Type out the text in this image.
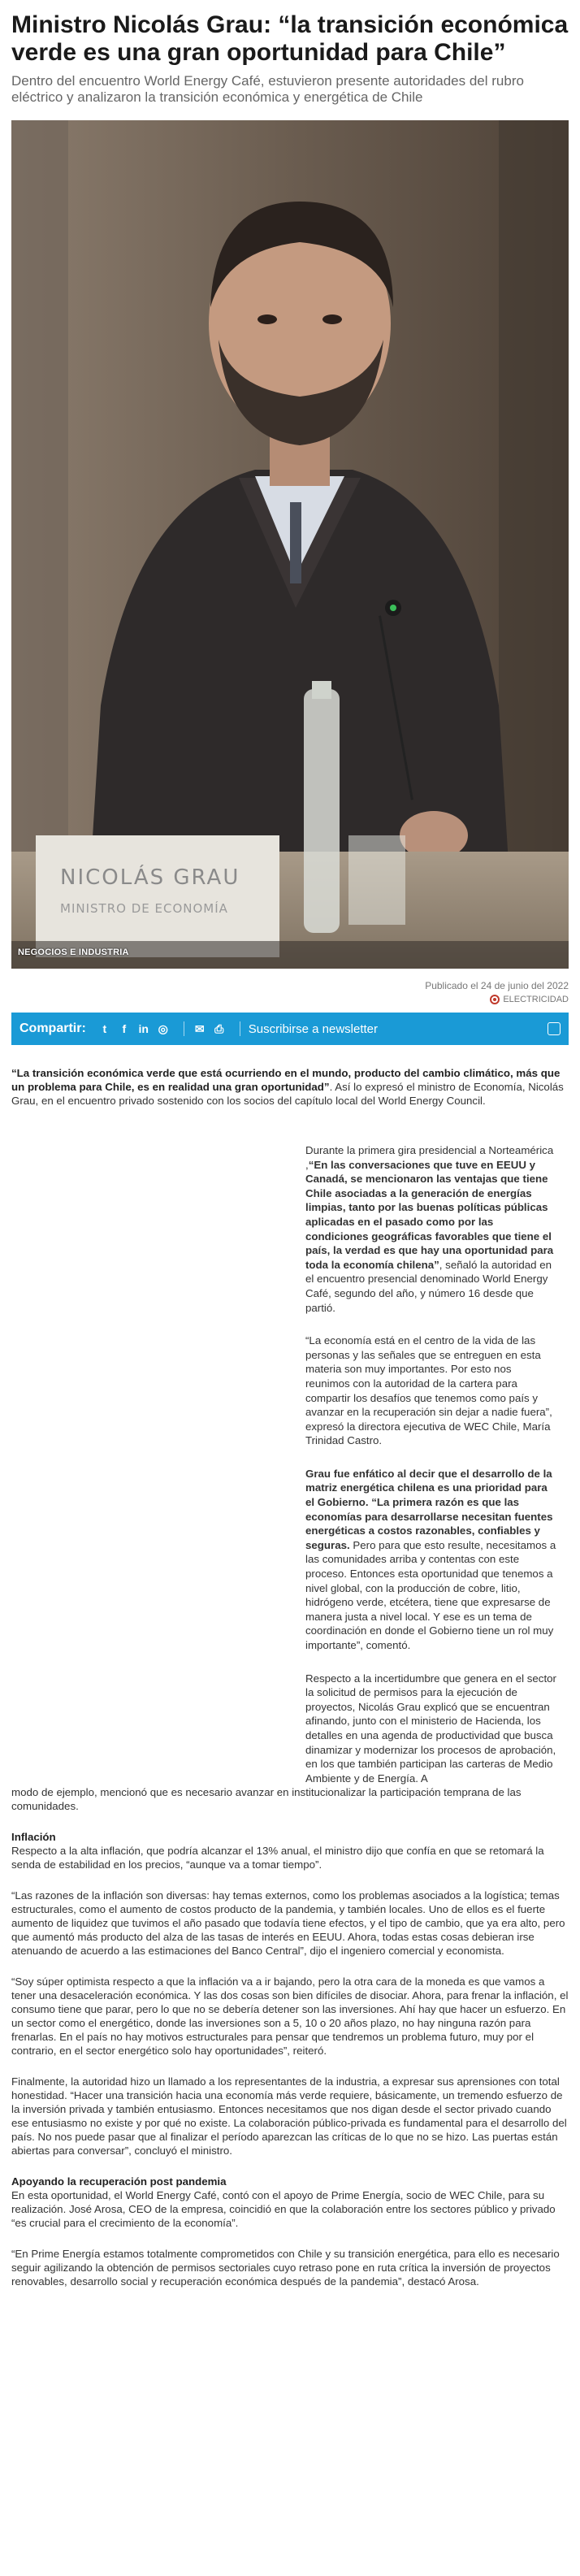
Ministro Nicolás Grau: “la transición económica verde es una gran oportunidad para Chile”

Dentro del encuentro World Energy Café, estuvieron presente autoridades del rubro eléctrico y analizaron la transición económica y energética de Chile

NICOLÁS GRAU
MINISTRO DE ECONOMÍA
NEGOCIOS E INDUSTRIA
Publicado el 24 de junio del 2022
ELECTRICIDAD
Compartir:	t	f	in ◎ ✉ ⎙ Suscribirse a newsletter

“La transición económica verde que está ocurriendo en el mundo, producto del cambio climático, más que un problema para Chile, es en realidad una gran oportunidad”. Así lo expresó el ministro de Economía, Nicolás Grau, en el encuentro privado sostenido con los socios del capítulo local del World Energy Council.

Durante la primera gira presidencial a Norteamérica ,“En las conversaciones que tuve en EEUU y Canadá, se mencionaron las ventajas que tiene Chile asociadas a la generación de energías limpias, tanto por las buenas políticas públicas aplicadas en el pasado como por las condiciones geográficas favorables que tiene el país, la verdad es que hay una oportunidad para toda la economía chilena”, señaló la autoridad en el encuentro presencial denominado World Energy Café, segundo del año, y número 16 desde que partió.

“La economía está en el centro de la vida de las personas y las señales que se entreguen en esta materia son muy importantes. Por esto nos reunimos con la autoridad de la cartera para compartir los desafíos que tenemos como país y avanzar en la recuperación sin dejar a nadie fuera”, expresó la directora ejecutiva de WEC Chile, María Trinidad Castro.

Grau fue enfático al decir que el desarrollo de la matriz energética chilena es una prioridad para el Gobierno. “La primera razón es que las economías para desarrollarse necesitan fuentes energéticas a costos razonables, confiables y seguras. Pero para que esto resulte, necesitamos a las comunidades arriba y contentas con este proceso. Entonces esta oportunidad que tenemos a nivel global, con la producción de cobre, litio, hidrógeno verde, etcétera, tiene que expresarse de manera justa a nivel local. Y ese es un tema de coordinación en donde el Gobierno tiene un rol muy importante”, comentó.

Respecto a la incertidumbre que genera en el sector la solicitud de permisos para la ejecución de proyectos, Nicolás Grau explicó que se encuentran afinando, junto con el ministerio de Hacienda, los detalles en una agenda de productividad que busca dinamizar y modernizar los procesos de aprobación, en los que también participan las carteras de Medio Ambiente y de Energía. A

modo de ejemplo, mencionó que es necesario avanzar en institucionalizar la participación temprana de las comunidades.

Inflación

Respecto a la alta inflación, que podría alcanzar el 13% anual, el ministro dijo que confía en que se retomará la senda de estabilidad en los precios, “aunque va a tomar tiempo”.

“Las razones de la inflación son diversas: hay temas externos, como los problemas asociados a la logística; temas estructurales, como el aumento de costos producto de la pandemia, y también locales. Uno de ellos es el fuerte aumento de liquidez que tuvimos el año pasado que todavía tiene efectos, y el tipo de cambio, que ya era alto, pero que aumentó más producto del alza de las tasas de interés en EEUU. Ahora, todas estas cosas debieran irse atenuando de acuerdo a las estimaciones del Banco Central”, dijo el ingeniero comercial y economista.

“Soy súper optimista respecto a que la inflación va a ir bajando, pero la otra cara de la moneda es que vamos a tener una desaceleración económica. Y las dos cosas son bien difíciles de disociar. Ahora, para frenar la inflación, el consumo tiene que parar, pero lo que no se debería detener son las inversiones. Ahí hay que hacer un esfuerzo. En un sector como el energético, donde las inversiones son a 5, 10 o 20 años plazo, no hay ninguna razón para frenarlas. En el país no hay motivos estructurales para pensar que tendremos un problema futuro, muy por el contrario, en el sector energético solo hay oportunidades”, reiteró.

Finalmente, la autoridad hizo un llamado a los representantes de la industria, a expresar sus aprensiones con total honestidad. “Hacer una transición hacia una economía más verde requiere, básicamente, un tremendo esfuerzo de la inversión privada y también entusiasmo. Entonces necesitamos que nos digan desde el sector privado cuando ese entusiasmo no existe y por qué no existe. La colaboración público-privada es fundamental para el desarrollo del país. No nos puede pasar que al finalizar el período aparezcan las críticas de lo que no se hizo. Las puertas están abiertas para conversar”, concluyó el ministro.

Apoyando la recuperación post pandemia

En esta oportunidad, el World Energy Café, contó con el apoyo de Prime Energía, socio de WEC Chile, para su realización. José Arosa, CEO de la empresa, coincidió en que la colaboración entre los sectores público y privado “es crucial para el crecimiento de la economía”.

“En Prime Energía estamos totalmente comprometidos con Chile y su transición energética, para ello es necesario seguir agilizando la obtención de permisos sectoriales cuyo retraso pone en ruta crítica la inversión de proyectos renovables, desarrollo social y recuperación económica después de la pandemia”, destacó Arosa.
